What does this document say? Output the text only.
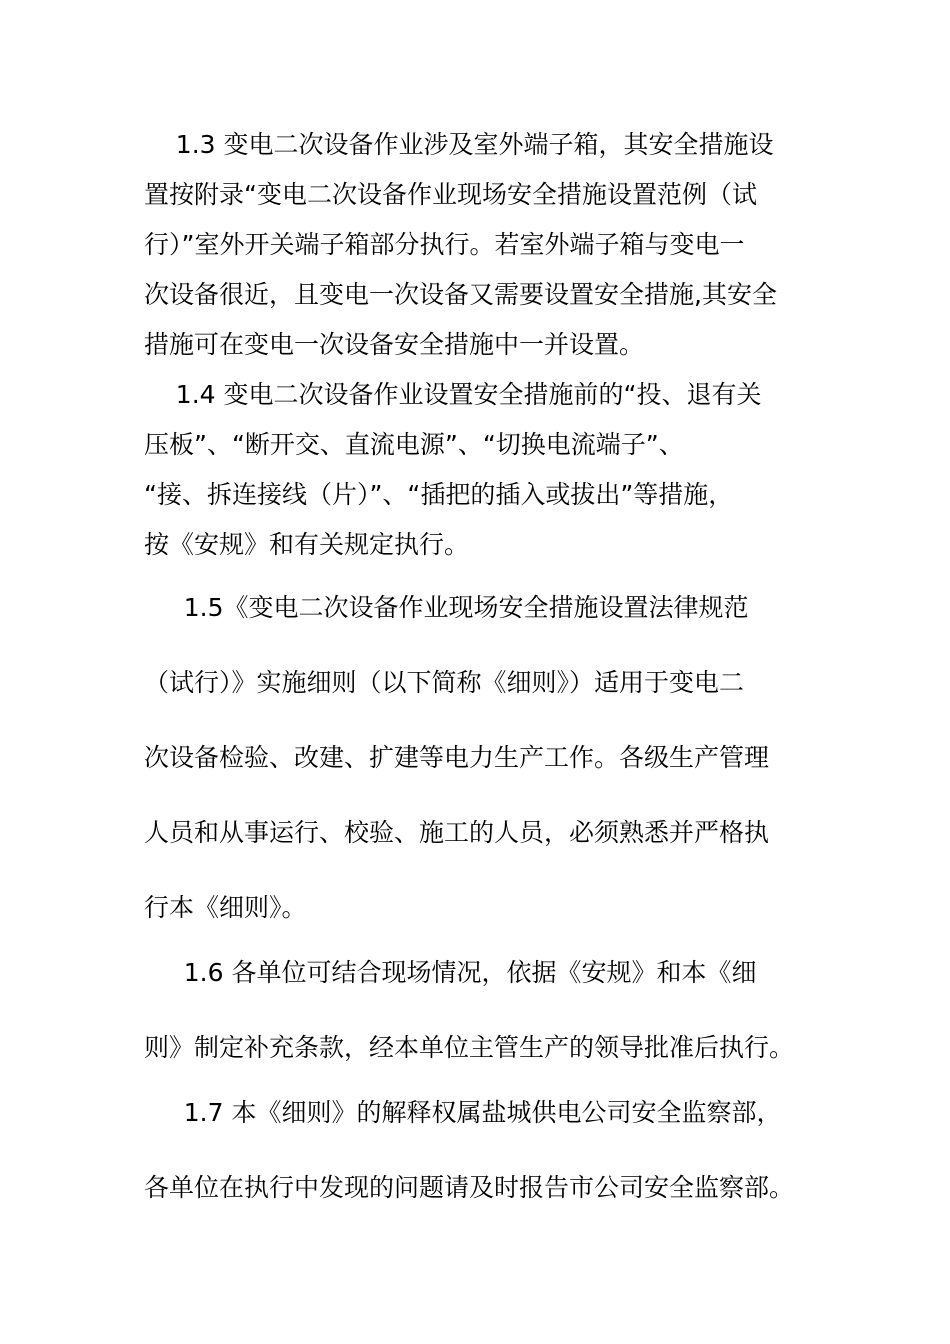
1.3 变电二次设备作业涉及室外端子箱，其安全措施设
置按附录“变电二次设备作业现场安全措施设置范例（试
行）”室外开关端子箱部分执行。若室外端子箱与变电一
次设备很近，且变电一次设备又需要设置安全措施,其安全
措施可在变电一次设备安全措施中一并设置。
1.4 变电二次设备作业设置安全措施前的“投、退有关
压板”、“断开交、直流电源”、“切换电流端子”、
“接、拆连接线（片）”、“插把的插入或拔出”等措施，
按《安规》和有关规定执行。
1.5《变电二次设备作业现场安全措施设置法律规范
（试行）》实施细则（以下简称《细则》）适用于变电二
次设备检验、改建、扩建等电力生产工作。各级生产管理
人员和从事运行、校验、施工的人员，必须熟悉并严格执
行本《细则》。
1.6 各单位可结合现场情况，依据《安规》和本《细
则》制定补充条款，经本单位主管生产的领导批准后执行。
1.7 本《细则》的解释权属盐城供电公司安全监察部，
各单位在执行中发现的问题请及时报告市公司安全监察部。
